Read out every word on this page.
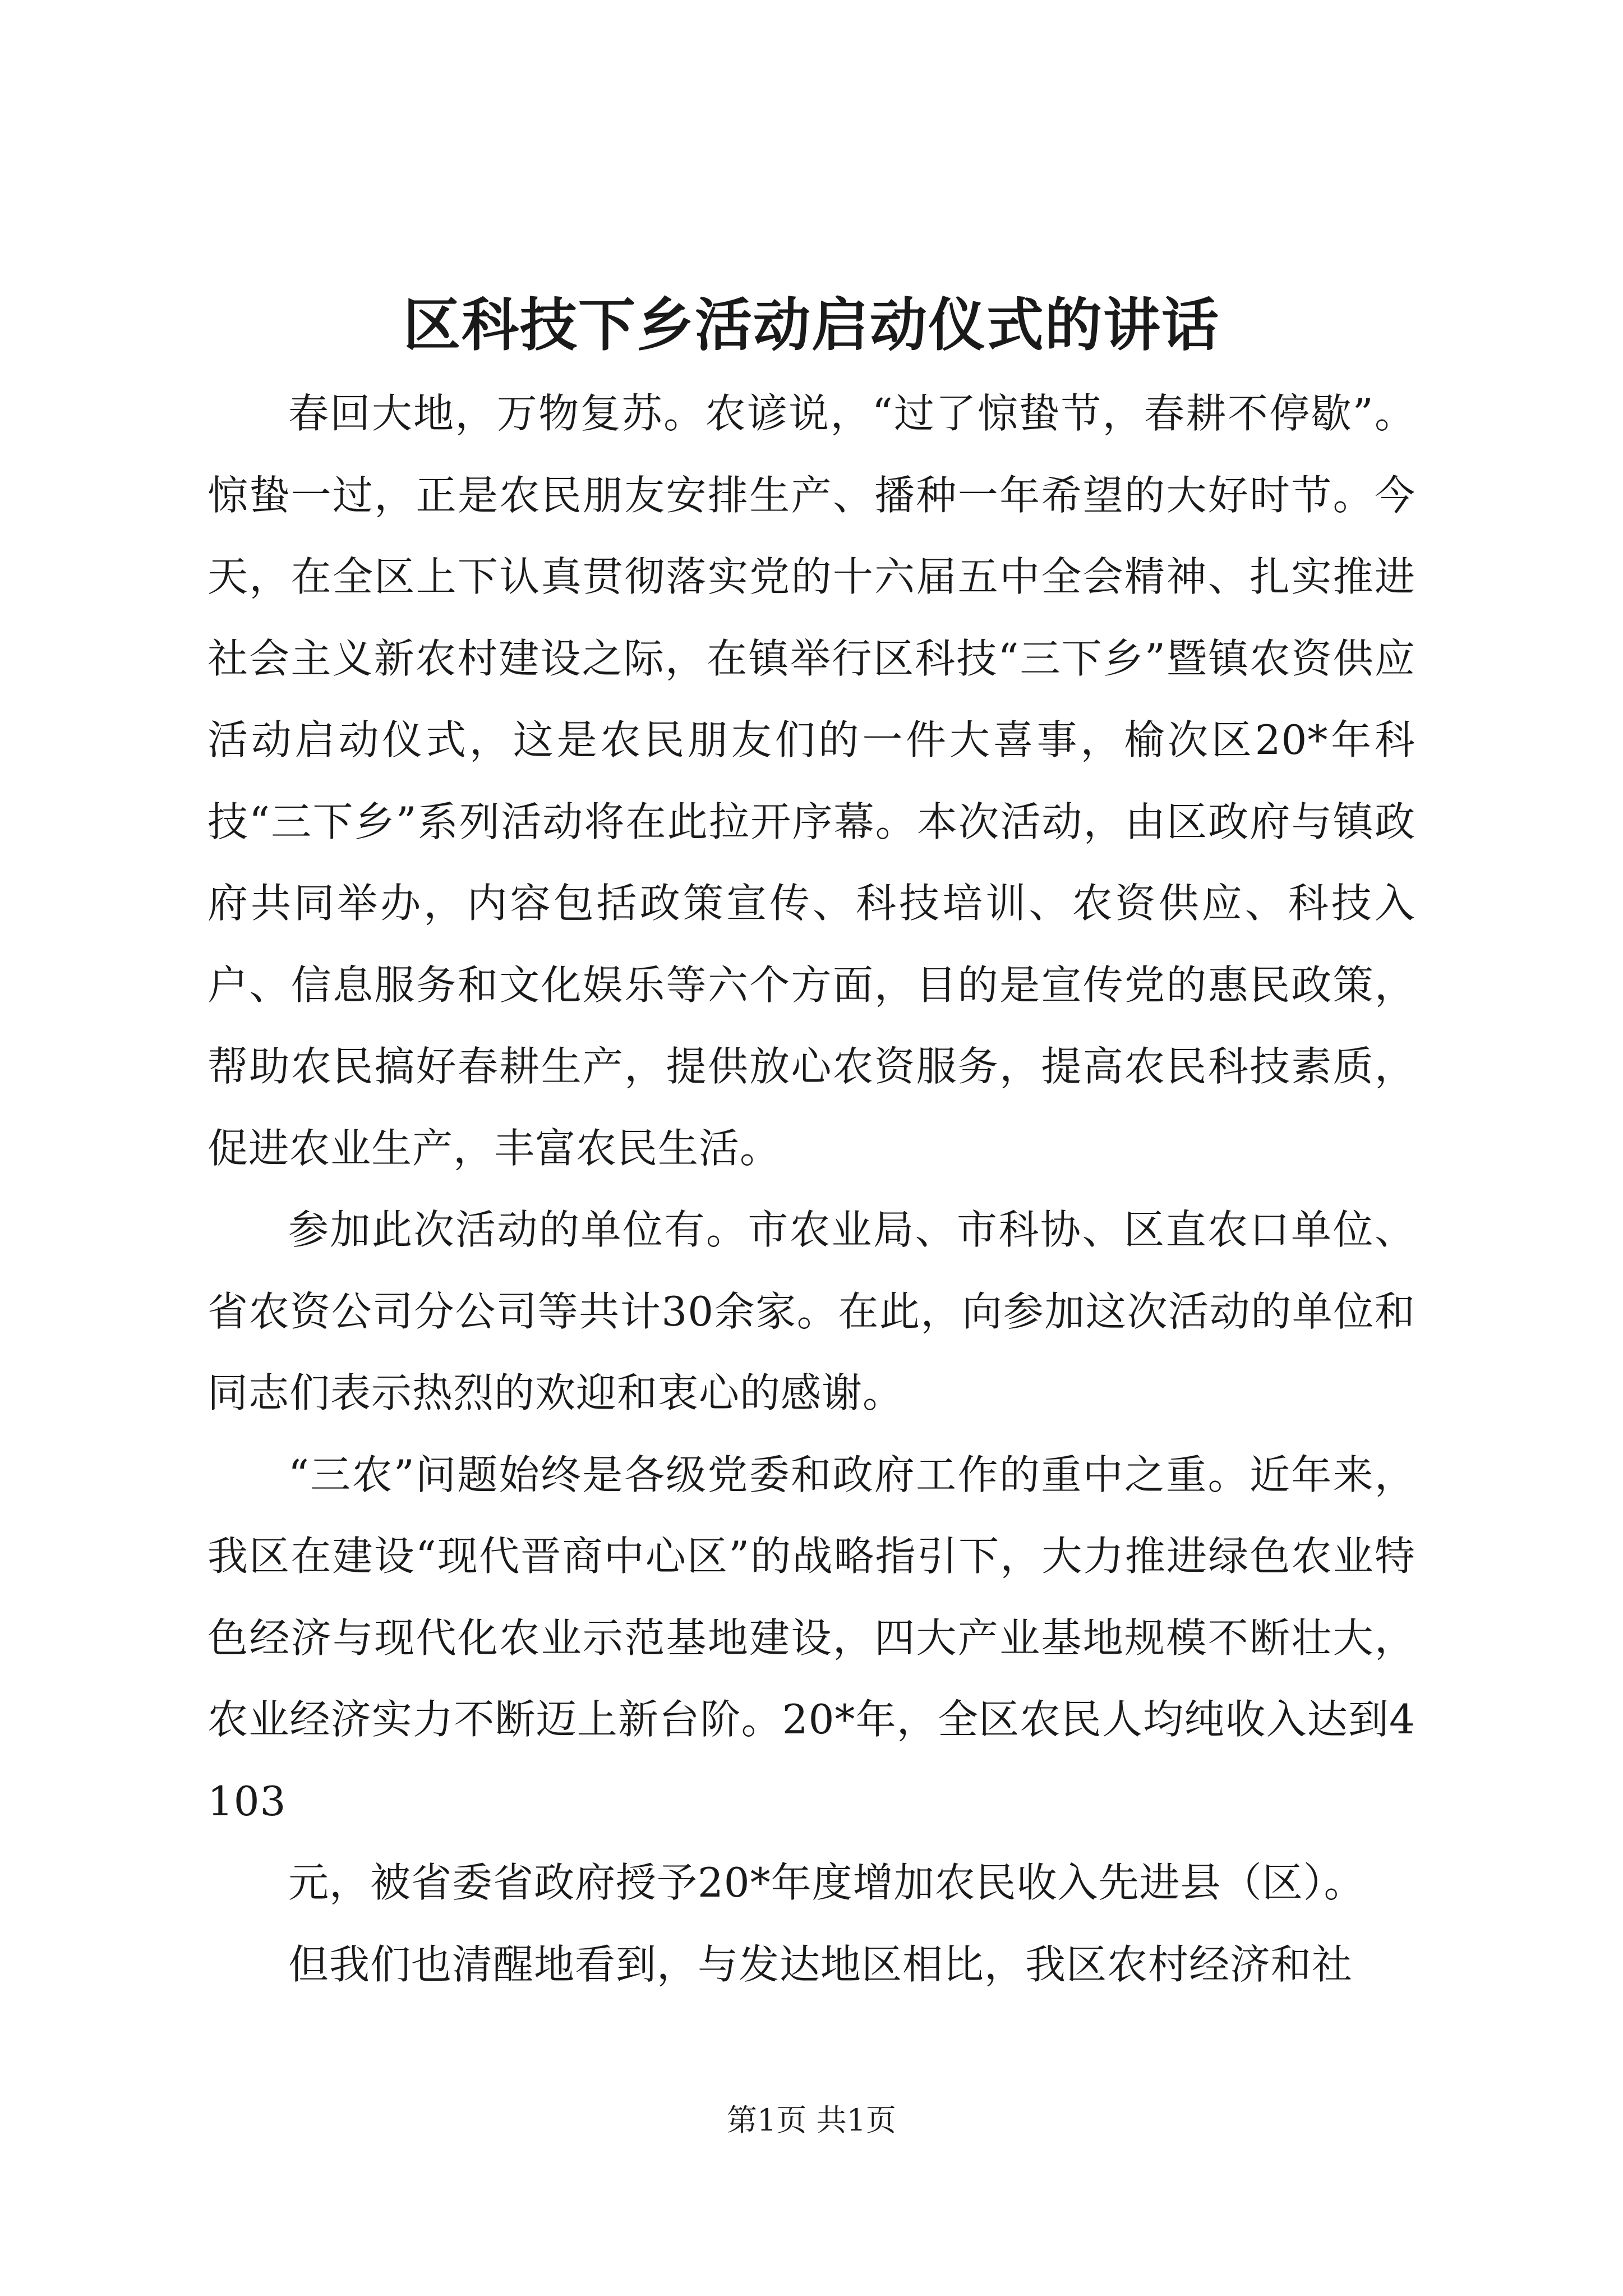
区科技下乡活动启动仪式的讲话

春回大地，万物复苏。农谚说，“过了惊蛰节，春耕不停歇”。惊蛰一过，正是农民朋友安排生产、播种一年希望的大好时节。今天，在全区上下认真贯彻落实党的十六届五中全会精神、扎实推进社会主义新农村建设之际，在镇举行区科技“三下乡”暨镇农资供应活动启动仪式，这是农民朋友们的一件大喜事，榆次区20*年科技“三下乡”系列活动将在此拉开序幕。本次活动，由区政府与镇政府共同举办，内容包括政策宣传、科技培训、农资供应、科技入户、信息服务和文化娱乐等六个方面，目的是宣传党的惠民政策，帮助农民搞好春耕生产，提供放心农资服务，提高农民科技素质，促进农业生产，丰富农民生活。

参加此次活动的单位有。市农业局、市科协、区直农口单位、省农资公司分公司等共计30余家。在此，向参加这次活动的单位和同志们表示热烈的欢迎和衷心的感谢。

“三农”问题始终是各级党委和政府工作的重中之重。近年来，我区在建设“现代晋商中心区”的战略指引下，大力推进绿色农业特色经济与现代化农业示范基地建设，四大产业基地规模不断壮大，农业经济实力不断迈上新台阶。20*年，全区农民人均纯收入达到4103

元，被省委省政府授予20*年度增加农民收入先进县（区）。

但我们也清醒地看到，与发达地区相比，我区农村经济和社

第1页 共1页
